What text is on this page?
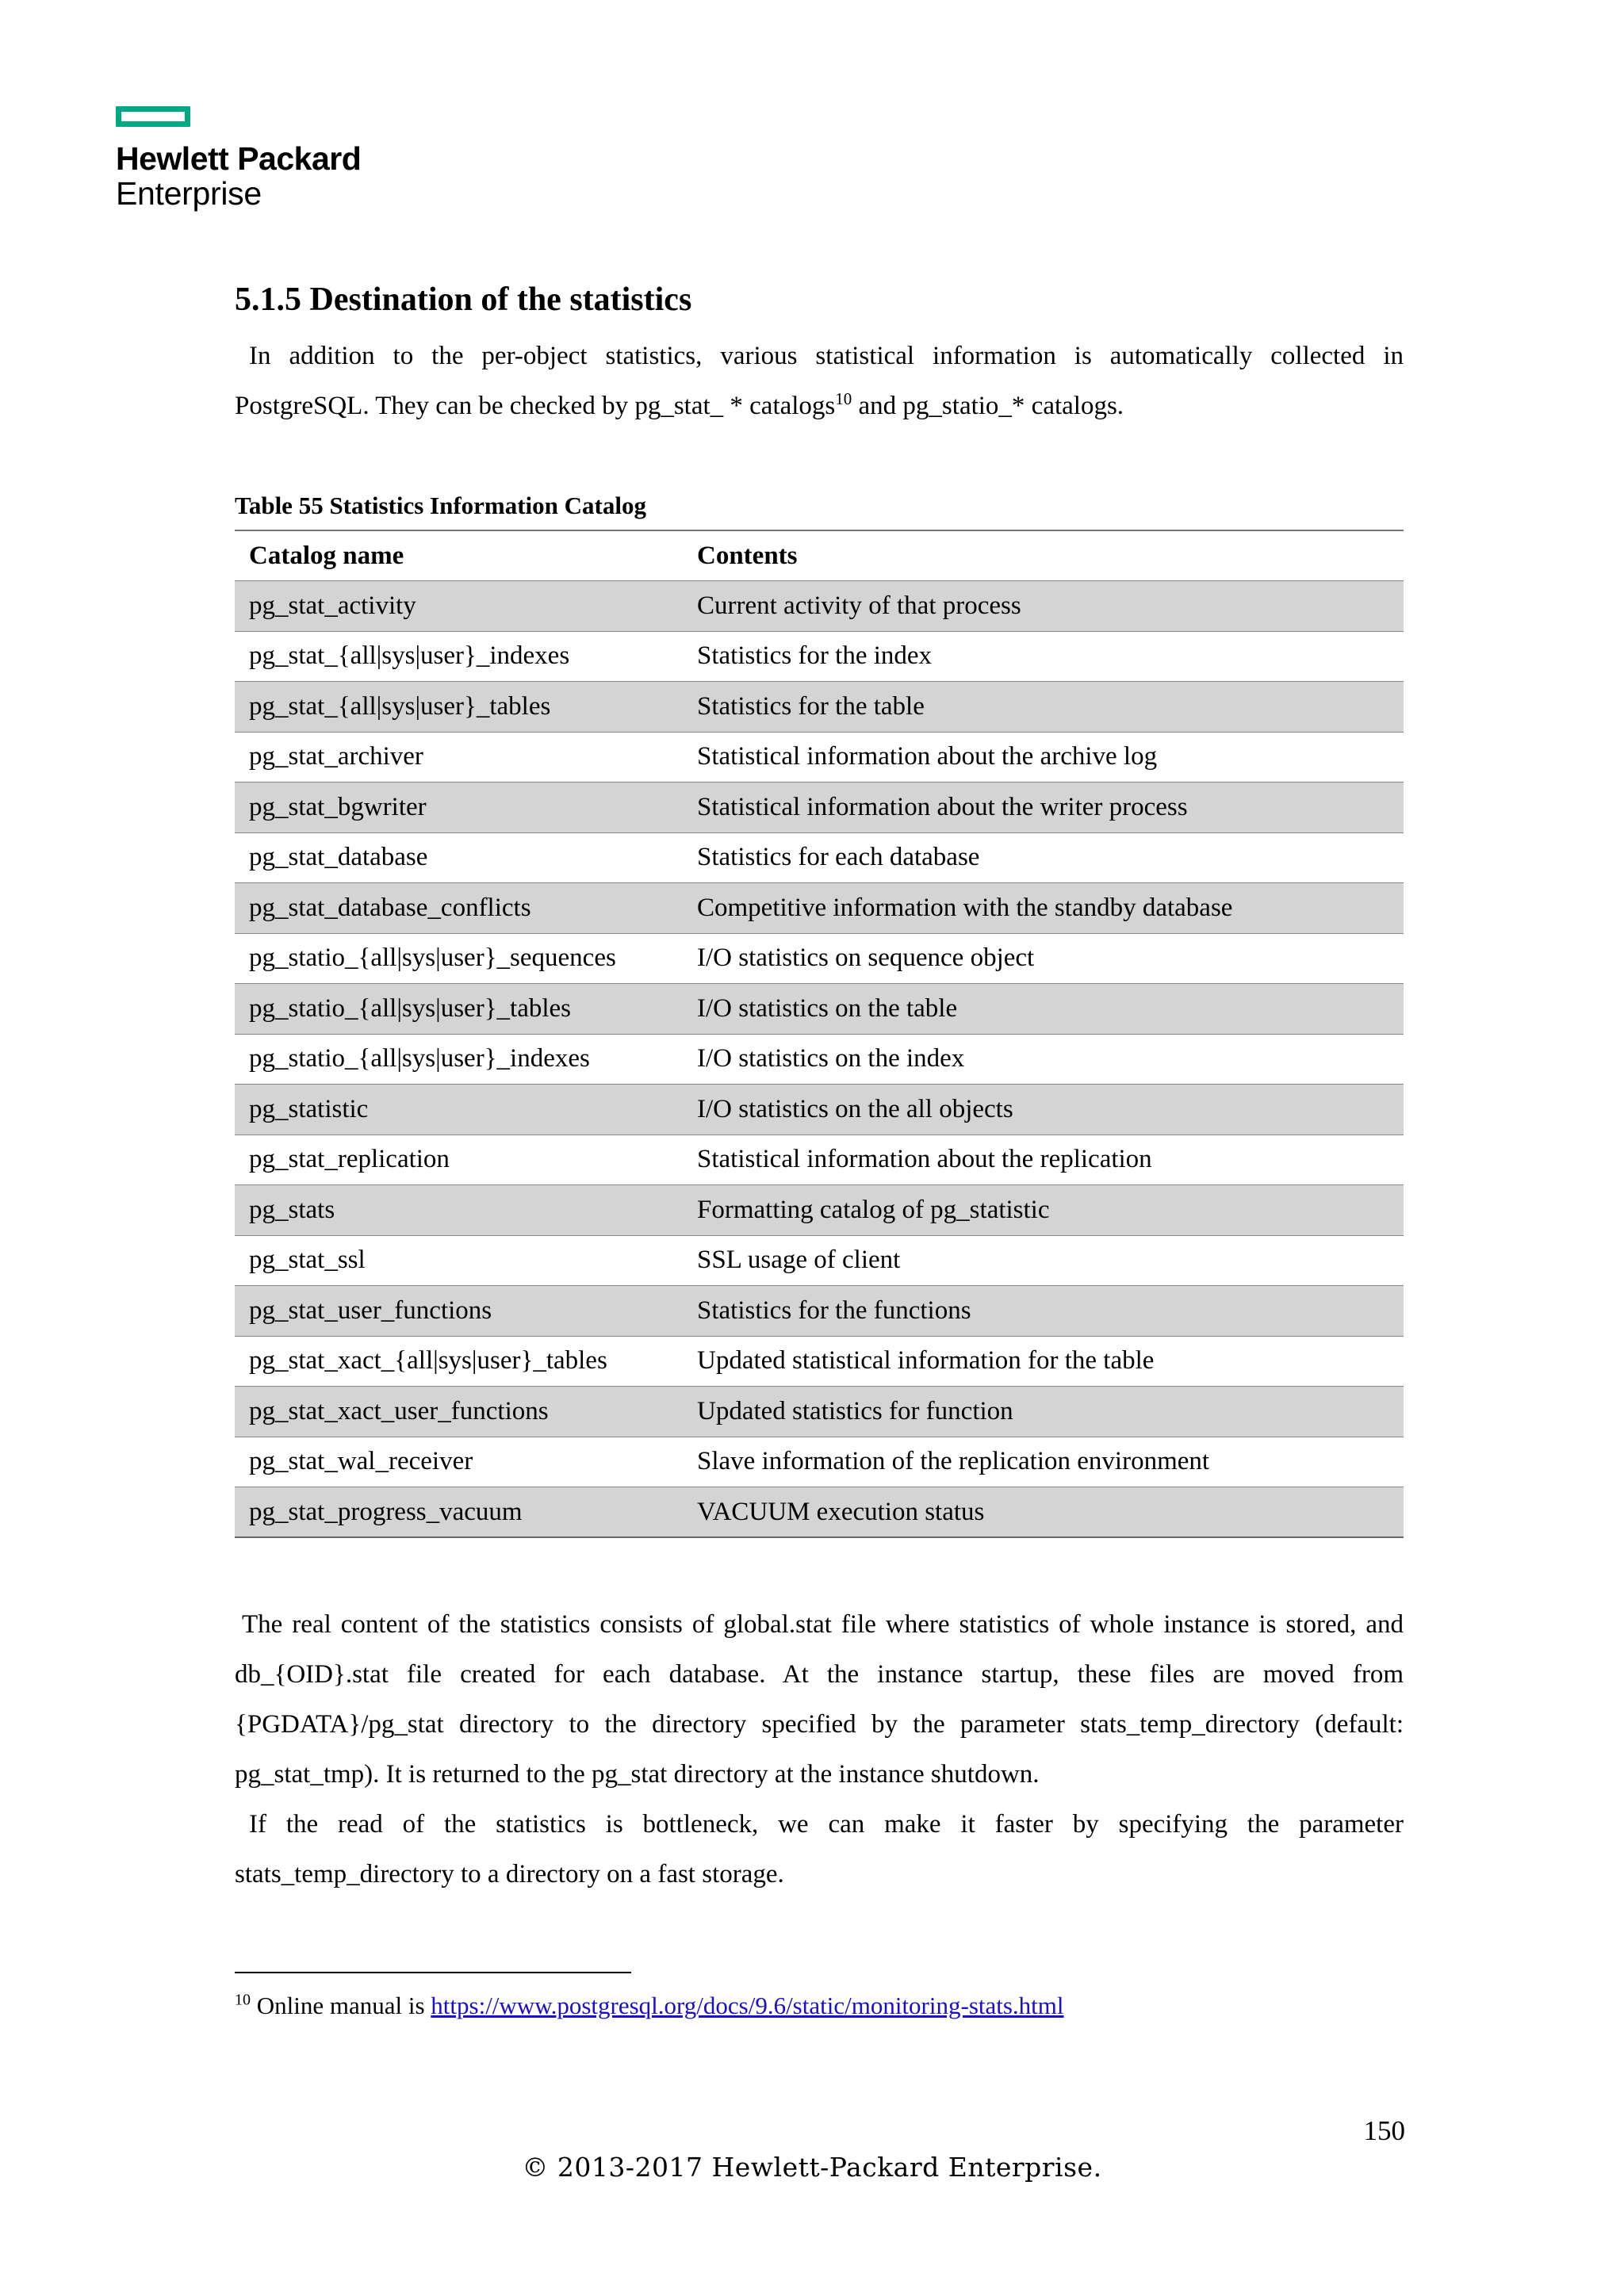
Hewlett Packard
Enterprise
5.1.5 Destination of the statistics
In addition to the per-object statistics, various statistical information is automatically collected in PostgreSQL. They can be checked by pg_stat_ * catalogs$^{10}$ and pg_statio_* catalogs.
Table 55 Statistics Information Catalog
Catalog name	Contents
pg_stat_activity	Current activity of that process
pg_stat_{all|sys|user}_indexes	Statistics for the index
pg_stat_{all|sys|user}_tables	Statistics for the table
pg_stat_archiver	Statistical information about the archive log
pg_stat_bgwriter	Statistical information about the writer process
pg_stat_database	Statistics for each database
pg_stat_database_conflicts	Competitive information with the standby database
pg_statio_{all|sys|user}_sequences	I/O statistics on sequence object
pg_statio_{all|sys|user}_tables	I/O statistics on the table
pg_statio_{all|sys|user}_indexes	I/O statistics on the index
pg_statistic	I/O statistics on the all objects
pg_stat_replication	Statistical information about the replication
pg_stats	Formatting catalog of pg_statistic
pg_stat_ssl	SSL usage of client
pg_stat_user_functions	Statistics for the functions
pg_stat_xact_{all|sys|user}_tables	Updated statistical information for the table
pg_stat_xact_user_functions	Updated statistics for function
pg_stat_wal_receiver	Slave information of the replication environment
pg_stat_progress_vacuum	VACUUM execution status

The real content of the statistics consists of global.stat file where statistics of whole instance is stored, and db_{OID}.stat file created for each database. At the instance startup, these files are moved from {PGDATA}/pg_stat directory to the directory specified by the parameter stats_temp_directory (default: pg_stat_tmp). It is returned to the pg_stat directory at the instance shutdown.

If the read of the statistics is bottleneck, we can make it faster by specifying the parameter stats_temp_directory to a directory on a fast storage.

$^{10}$ Online manual is https://www.postgresql.org/docs/9.6/static/monitoring-stats.html
150
© 2013-2017 Hewlett-Packard Enterprise.
